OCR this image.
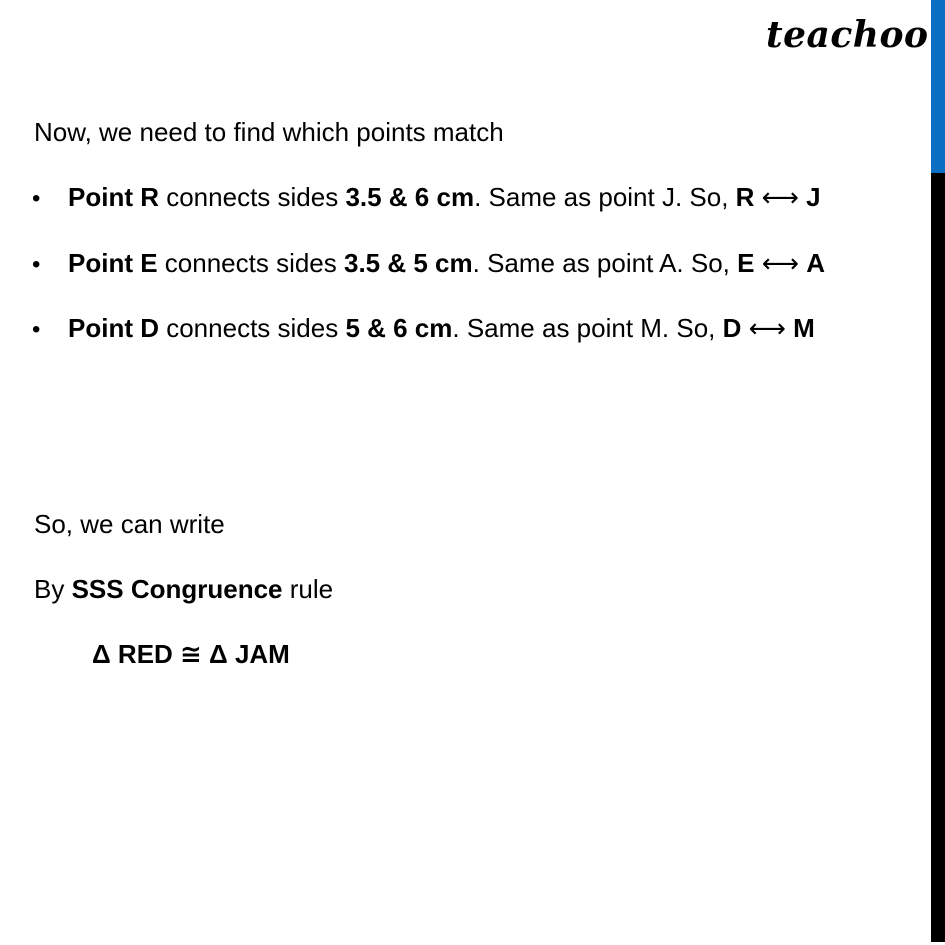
teachoo
Now, we need to find which points match
• Point R connects sides 3.5 & 6 cm. Same as point J. So, R ⟷ J
• Point E connects sides 3.5 & 5 cm. Same as point A. So, E ⟷ A
• Point D connects sides 5 & 6 cm. Same as point M. So, D ⟷ M
So, we can write
By SSS Congruence rule
Δ RED ≅ Δ JAM
